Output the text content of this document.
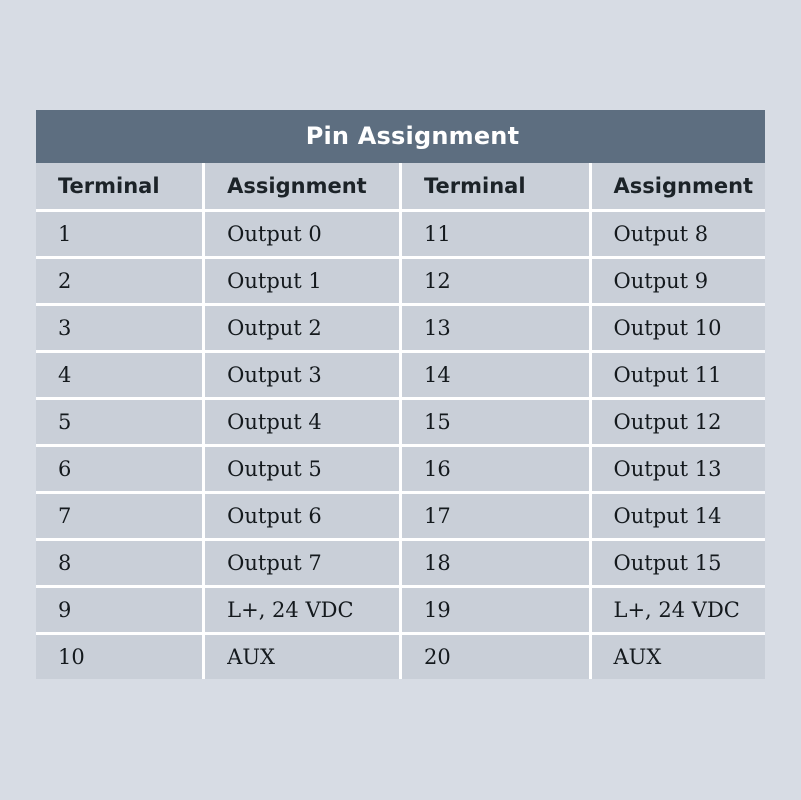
Pin Assignment			
Terminal	Assignment	Terminal	Assignment
1	Output 0	11	Output 8
2	Output 1	12	Output 9
3	Output 2	13	Output 10
4	Output 3	14	Output 11
5	Output 4	15	Output 12
6	Output 5	16	Output 13
7	Output 6	17	Output 14
8	Output 7	18	Output 15
9	L+, 24 VDC	19	L+, 24 VDC
10	AUX	20	AUX
